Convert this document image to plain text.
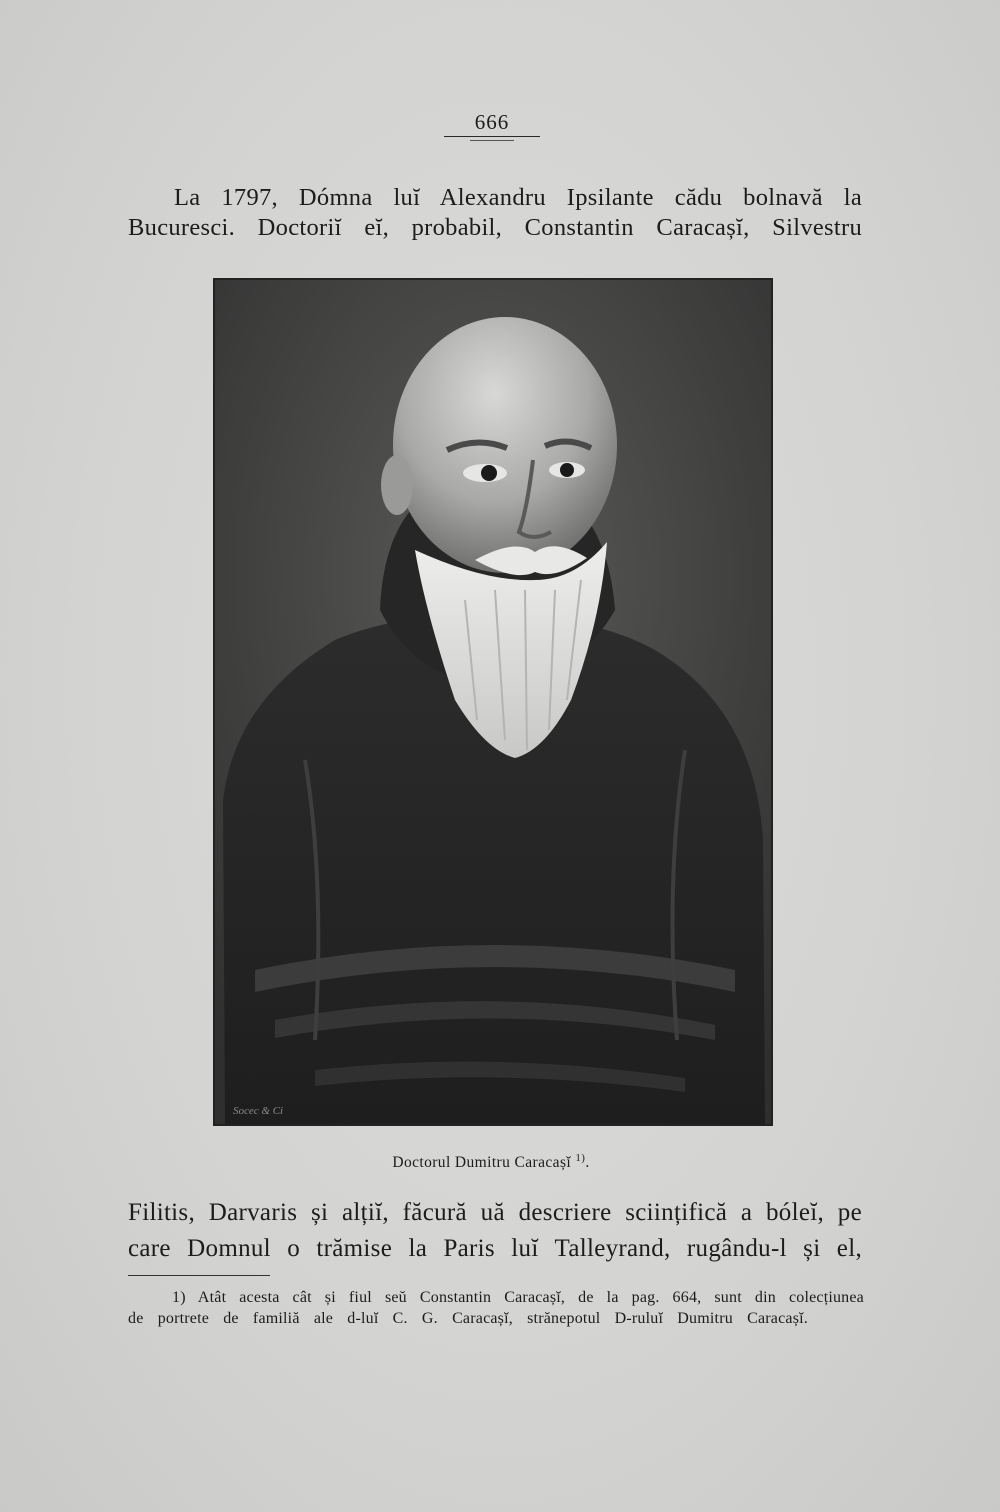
666
La 1797, Dómna luĭ Alexandru Ipsilante cădu bolnavă la
Bucuresci. Doctoriĭ eĭ, probabil, Constantin Caracașĭ, Silvestru
Socec & Ci
Doctorul Dumitru Caracașĭ $^{1)}$.
Filitis, Darvaris și alțiĭ, făcură uă descriere sciințifică a bóleĭ, pe
care Domnul o trămise la Paris luĭ Talleyrand, rugându-l și el,
1) Atât acesta cât și fiul seŭ Constantin Caracașĭ, de la pag. 664, sunt din colecțiunea
de portrete de familiă ale d-luĭ C. G. Caracașĭ, strănepotul D-ruluĭ Dumitru Caracașĭ.
